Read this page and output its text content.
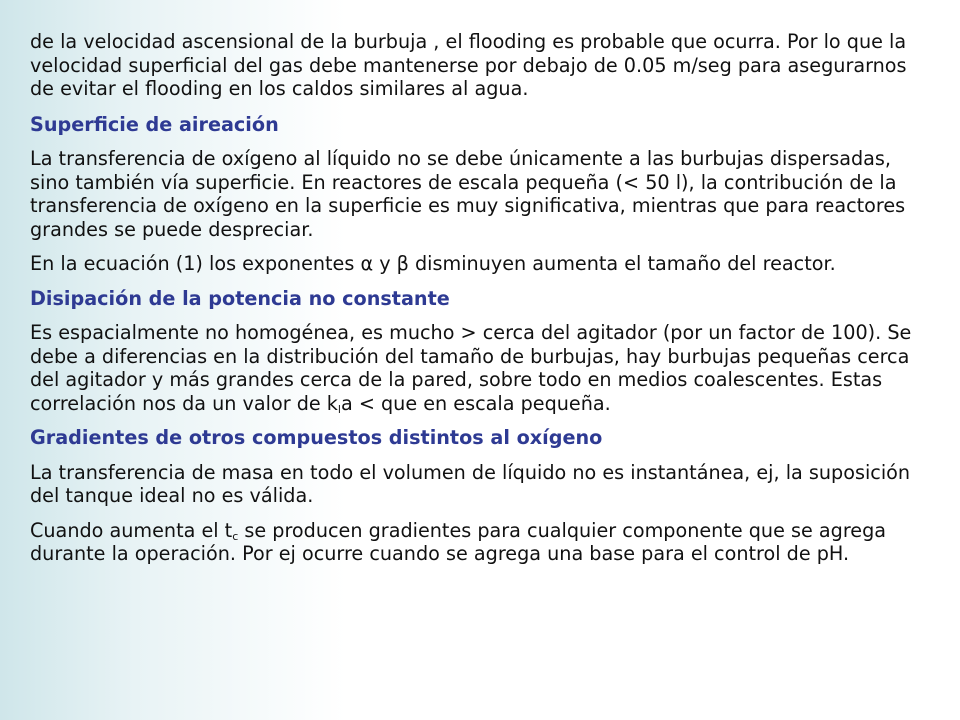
de la velocidad ascensional de la burbuja , el flooding es probable que ocurra. Por lo que la velocidad superficial del gas debe mantenerse por debajo de 0.05 m/seg para asegurarnos de evitar el flooding en los caldos similares al agua.

Superficie de aireación

La transferencia de oxígeno al líquido no se debe únicamente a las burbujas dispersadas, sino también vía superficie. En reactores de escala pequeña (< 50 l), la contribución de la transferencia de oxígeno en la superficie es muy significativa, mientras que para reactores grandes se puede despreciar.

En la ecuación (1) los exponentes α y β disminuyen aumenta el tamaño del reactor.

Disipación de la potencia no constante

Es espacialmente no homogénea, es mucho > cerca del agitador (por un factor de 100). Se debe a diferencias en la distribución del tamaño de burbujas, hay burbujas pequeñas cerca del agitador y más grandes cerca de la pared, sobre todo en medios coalescentes. Estas correlación nos da un valor de $k_la$ < que en escala pequeña.

Gradientes de otros compuestos distintos al oxígeno

La transferencia de masa en todo el volumen de líquido no es instantánea, ej, la suposición del tanque ideal no es válida.

Cuando aumenta el $t_c$ se producen gradientes para cualquier componente que se agrega durante la operación. Por ej ocurre cuando se agrega una base para el control de pH.
